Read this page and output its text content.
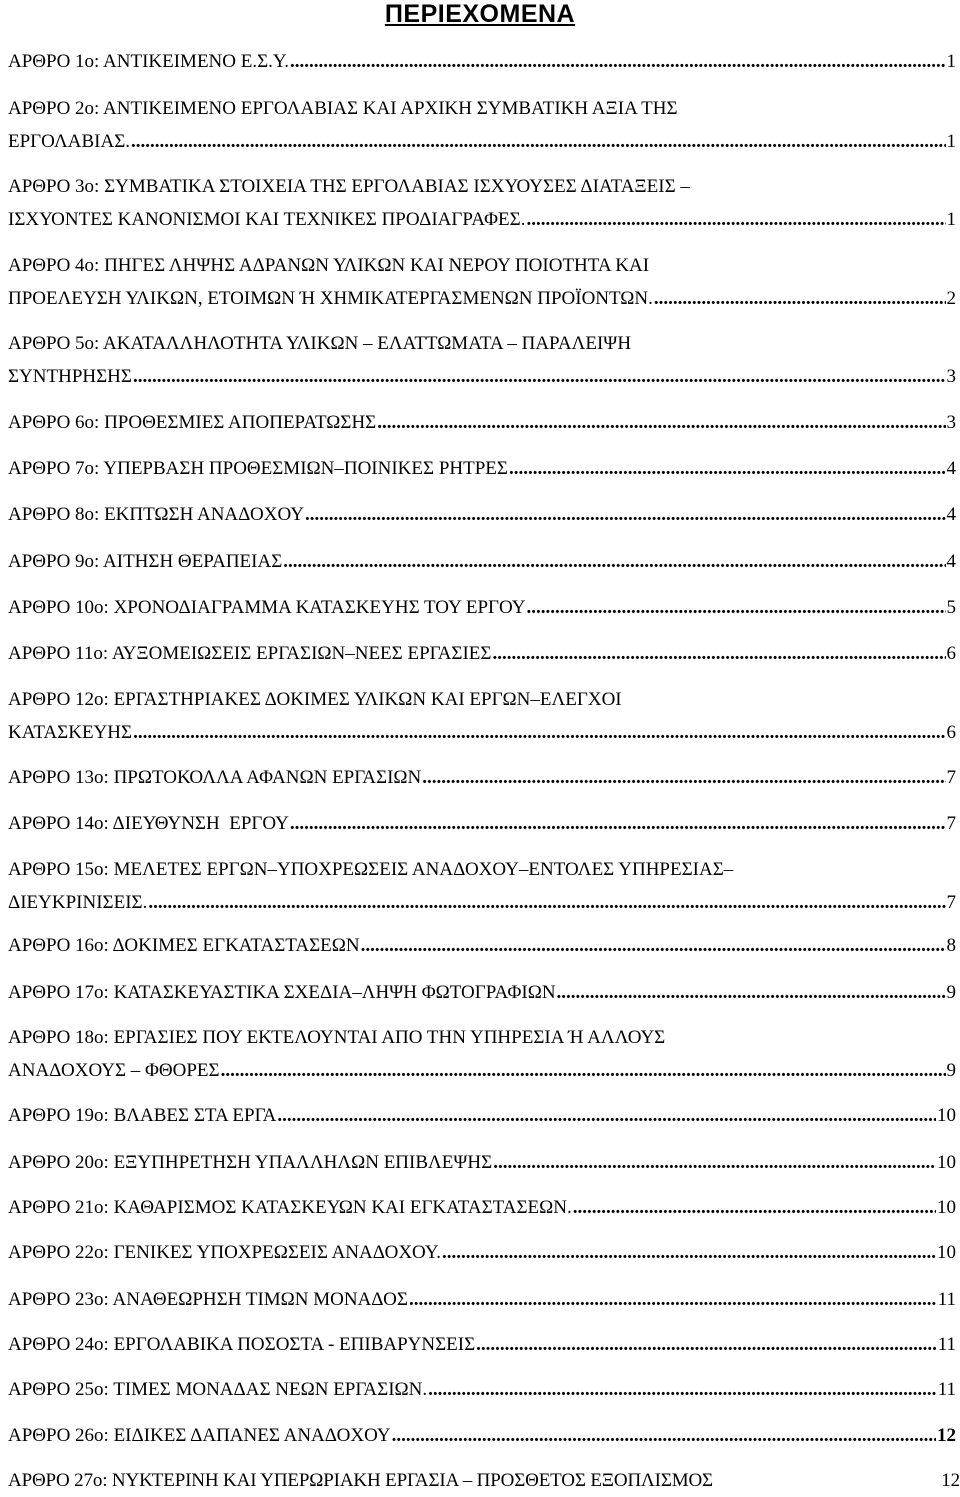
ΠΕΡΙΕΧΟΜΕΝΑ
ΑΡΘΡΟ 1ο: ΑΝΤΙΚΕΙΜΕΝΟ Ε.Σ.Υ. .....	1
ΑΡΘΡΟ 2ο: ΑΝΤΙΚΕΙΜΕΝΟ ΕΡΓΟΛΑΒΙΑΣ ΚΑΙ ΑΡΧΙΚΗ ΣΥΜΒΑΤΙΚΗ ΑΞΙΑ ΤΗΣ
ΕΡΓΟΛΑΒΙΑΣ. .....	1
ΑΡΘΡΟ 3ο: ΣΥΜΒΑΤΙΚΑ ΣΤΟΙΧΕΙΑ ΤΗΣ ΕΡΓΟΛΑΒΙΑΣ ΙΣΧΥΟΥΣΕΣ ΔΙΑΤΑΞΕΙΣ –
ΙΣΧΥΟΝΤΕΣ ΚΑΝΟΝΙΣΜΟΙ ΚΑΙ ΤΕΧΝΙΚΕΣ ΠΡΟΔΙΑΓΡΑΦΕΣ. .....	1
ΑΡΘΡΟ 4ο: ΠΗΓΕΣ ΛΗΨΗΣ ΑΔΡΑΝΩΝ ΥΛΙΚΩΝ ΚΑΙ ΝΕΡΟΥ ΠΟΙΟΤΗΤΑ ΚΑΙ
ΠΡΟΕΛΕΥΣΗ ΥΛΙΚΩΝ, ΕΤΟΙΜΩΝ Ή ΧΗΜΙΚΑΤΕΡΓΑΣΜΕΝΩΝ ΠΡΟΪΟΝΤΩΝ. .....	2
ΑΡΘΡΟ 5ο: ΑΚΑΤΑΛΛΗΛΟΤΗΤΑ ΥΛΙΚΩΝ – ΕΛΑΤΤΩΜΑΤΑ – ΠΑΡΑΛΕΙΨΗ
ΣΥΝΤΗΡΗΣΗΣ .....	3
ΑΡΘΡΟ 6ο: ΠΡΟΘΕΣΜΙΕΣ ΑΠΟΠΕΡΑΤΩΣΗΣ .....	3
ΑΡΘΡΟ 7ο: ΥΠΕΡΒΑΣΗ ΠΡΟΘΕΣΜΙΩΝ–ΠΟΙΝΙΚΕΣ ΡΗΤΡΕΣ .....	4
ΑΡΘΡΟ 8ο: ΕΚΠΤΩΣΗ ΑΝΑΔΟΧΟΥ .....	4
ΑΡΘΡΟ 9ο: ΑΙΤΗΣΗ ΘΕΡΑΠΕΙΑΣ .....	4
ΑΡΘΡΟ 10ο: ΧΡΟΝΟΔΙΑΓΡΑΜΜΑ ΚΑΤΑΣΚΕΥΗΣ ΤΟΥ ΕΡΓΟΥ .....	5
ΑΡΘΡΟ 11ο: ΑΥΞΟΜΕΙΩΣΕΙΣ ΕΡΓΑΣΙΩΝ–ΝΕΕΣ ΕΡΓΑΣΙΕΣ .....	6
ΑΡΘΡΟ 12ο: ΕΡΓΑΣΤΗΡΙΑΚΕΣ ΔΟΚΙΜΕΣ ΥΛΙΚΩΝ ΚΑΙ ΕΡΓΩΝ–ΕΛΕΓΧΟΙ
ΚΑΤΑΣΚΕΥΗΣ .....	6
ΑΡΘΡΟ 13ο: ΠΡΩΤΟΚΟΛΛΑ ΑΦΑΝΩΝ ΕΡΓΑΣΙΩΝ .....	7
ΑΡΘΡΟ 14ο: ΔΙΕΥΘΥΝΣΗ  ΕΡΓΟΥ .....	7
ΑΡΘΡΟ 15ο: ΜΕΛΕΤΕΣ ΕΡΓΩΝ–ΥΠΟΧΡΕΩΣΕΙΣ ΑΝΑΔΟΧΟΥ–ΕΝΤΟΛΕΣ ΥΠΗΡΕΣΙΑΣ–
ΔΙΕΥΚΡΙΝΙΣΕΙΣ. .....	7
ΑΡΘΡΟ 16ο: ΔΟΚΙΜΕΣ ΕΓΚΑΤΑΣΤΑΣΕΩΝ .....	8
ΑΡΘΡΟ 17ο: ΚΑΤΑΣΚΕΥΑΣΤΙΚΑ ΣΧΕΔΙΑ–ΛΗΨΗ ΦΩΤΟΓΡΑΦΙΩΝ .....	9
ΑΡΘΡΟ 18ο: ΕΡΓΑΣΙΕΣ ΠΟΥ ΕΚΤΕΛΟΥΝΤΑΙ ΑΠΟ ΤΗΝ ΥΠΗΡΕΣΙΑ Ή ΑΛΛΟΥΣ
ΑΝΑΔΟΧΟΥΣ – ΦΘΟΡΕΣ .....	9
ΑΡΘΡΟ 19ο: ΒΛΑΒΕΣ ΣΤΑ ΕΡΓΑ .....	10
ΑΡΘΡΟ 20ο: ΕΞΥΠΗΡΕΤΗΣΗ ΥΠΑΛΛΗΛΩΝ ΕΠΙΒΛΕΨΗΣ .....	10
ΑΡΘΡΟ 21ο: ΚΑΘΑΡΙΣΜΟΣ ΚΑΤΑΣΚΕΥΩΝ ΚΑΙ ΕΓΚΑΤΑΣΤΑΣΕΩΝ. .....	10
ΑΡΘΡΟ 22ο: ΓΕΝΙΚΕΣ ΥΠΟΧΡΕΩΣΕΙΣ ΑΝΑΔΟΧΟΥ. .....	10
ΑΡΘΡΟ 23ο: ΑΝΑΘΕΩΡΗΣΗ ΤΙΜΩΝ ΜΟΝΑΔΟΣ .....	11
ΑΡΘΡΟ 24ο: ΕΡΓΟΛΑΒΙΚΑ ΠΟΣΟΣΤΑ - ΕΠΙΒΑΡΥΝΣΕΙΣ .....	11
ΑΡΘΡΟ 25ο: ΤΙΜΕΣ ΜΟΝΑΔΑΣ ΝΕΩΝ ΕΡΓΑΣΙΩΝ. .....	11
ΑΡΘΡΟ 26ο: ΕΙΔΙΚΕΣ ΔΑΠΑΝΕΣ ΑΝΑΔΟΧΟΥ .....	12
ΑΡΘΡΟ 27ο: ΝΥΚΤΕΡΙΝΗ ΚΑΙ ΥΠΕΡΩΡΙΑΚΗ ΕΡΓΑΣΙΑ – ΠΡΟΣΘΕΤΟΣ ΕΞΟΠΛΙΣΜΟΣ	12
